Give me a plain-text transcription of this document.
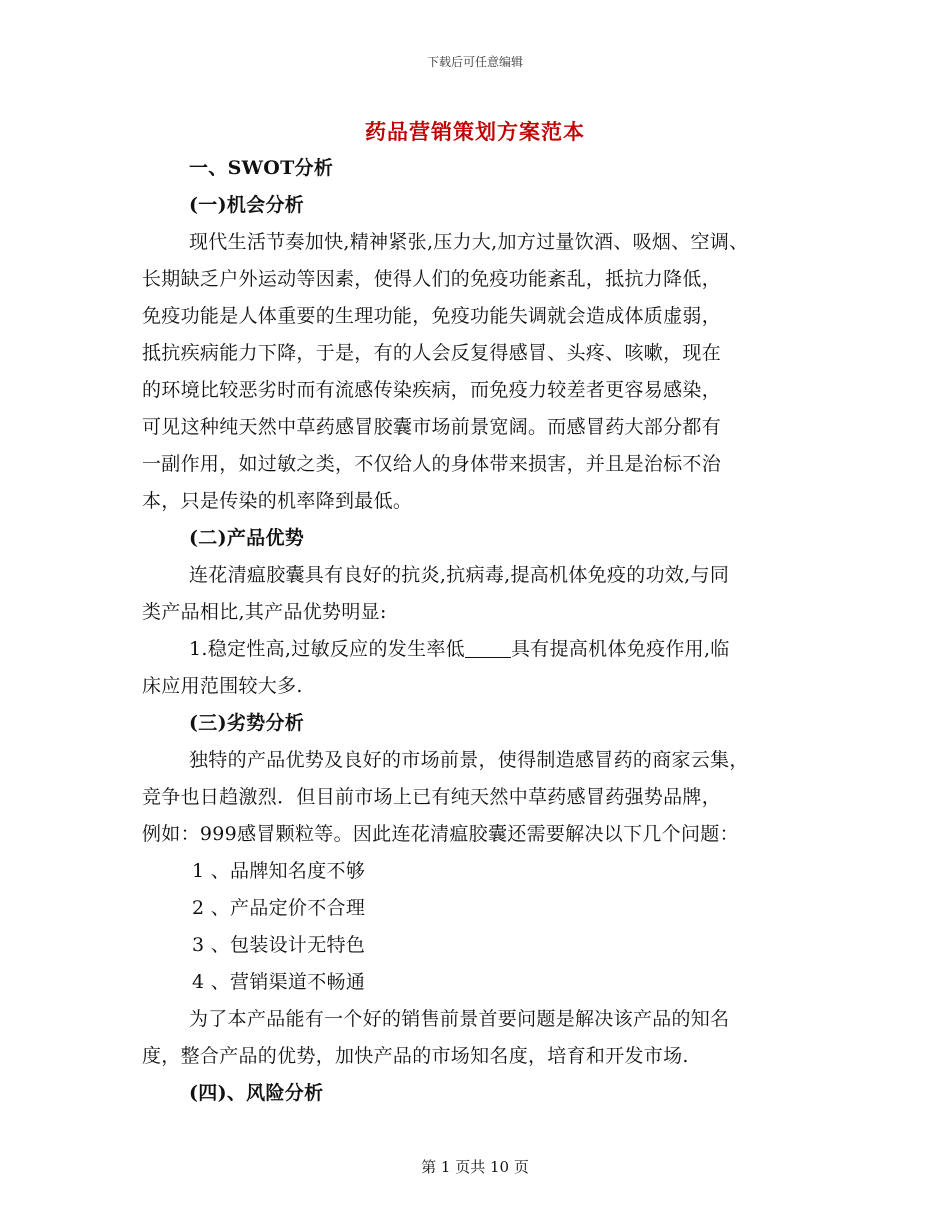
下载后可任意编辑
药品营销策划方案范本
一、SWOT分析
(一)机会分析
现代生活节奏加快,精神紧张,压力大,加方过量饮酒、吸烟、空调、
长期缺乏户外运动等因素，使得人们的免疫功能紊乱，抵抗力降低，
免疫功能是人体重要的生理功能，免疫功能失调就会造成体质虚弱，
抵抗疾病能力下降，于是，有的人会反复得感冒、头疼、咳嗽，现在
的环境比较恶劣时而有流感传染疾病，而免疫力较差者更容易感染，
可见这种纯天然中草药感冒胶囊市场前景宽阔。而感冒药大部分都有
一副作用，如过敏之类，不仅给人的身体带来损害，并且是治标不治
本，只是传染的机率降到最低。
(二)产品优势
连花清瘟胶囊具有良好的抗炎,抗病毒,提高机体免疫的功效,与同
类产品相比,其产品优势明显:
1.稳定性高,过敏反应的发生率低 具有提高机体免疫作用,临
床应用范围较大多.
(三)劣势分析
独特的产品优势及良好的市场前景，使得制造感冒药的商家云集，
竞争也日趋激烈．但目前市场上已有纯天然中草药感冒药强势品牌，
例如：999感冒颗粒等。因此连花清瘟胶囊还需要解决以下几个问题：
1 、品牌知名度不够
2 、产品定价不合理
3 、包装设计无特色
4 、营销渠道不畅通
为了本产品能有一个好的销售前景首要问题是解决该产品的知名
度，整合产品的优势，加快产品的市场知名度，培育和开发市场.
(四)、风险分析
第 1 页共 10 页
